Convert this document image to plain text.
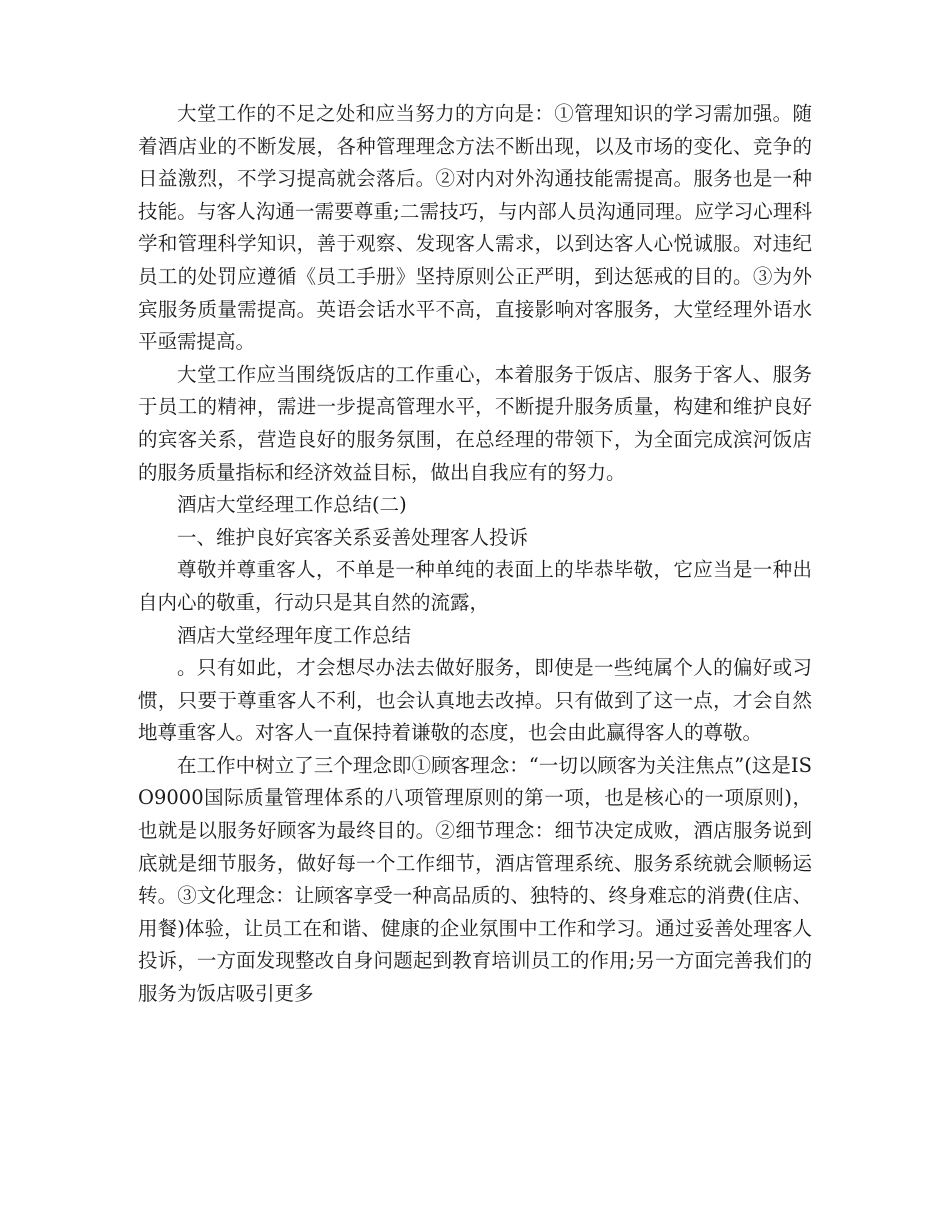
大堂工作的不足之处和应当努力的方向是：①管理知识的学习需加强。随着酒店业的不断发展，各种管理理念方法不断出现，以及市场的变化、竞争的日益激烈，不学习提高就会落后。②对内对外沟通技能需提高。服务也是一种技能。与客人沟通一需要尊重;二需技巧，与内部人员沟通同理。应学习心理科学和管理科学知识，善于观察、发现客人需求，以到达客人心悦诚服。对违纪员工的处罚应遵循《员工手册》坚持原则公正严明，到达惩戒的目的。③为外宾服务质量需提高。英语会话水平不高，直接影响对客服务，大堂经理外语水平亟需提高。

大堂工作应当围绕饭店的工作重心，本着服务于饭店、服务于客人、服务于员工的精神，需进一步提高管理水平，不断提升服务质量，构建和维护良好的宾客关系，营造良好的服务氛围，在总经理的带领下，为全面完成滨河饭店的服务质量指标和经济效益目标，做出自我应有的努力。

酒店大堂经理工作总结(二)

一、维护良好宾客关系妥善处理客人投诉

尊敬并尊重客人，不单是一种单纯的表面上的毕恭毕敬，它应当是一种出自内心的敬重，行动只是其自然的流露，

酒店大堂经理年度工作总结

。只有如此，才会想尽办法去做好服务，即使是一些纯属个人的偏好或习惯，只要于尊重客人不利，也会认真地去改掉。只有做到了这一点，才会自然地尊重客人。对客人一直保持着谦敬的态度，也会由此赢得客人的尊敬。

在工作中树立了三个理念即①顾客理念：“一切以顾客为关注焦点”(这是ISO9000国际质量管理体系的八项管理原则的第一项，也是核心的一项原则)，也就是以服务好顾客为最终目的。②细节理念：细节决定成败，酒店服务说到底就是细节服务，做好每一个工作细节，酒店管理系统、服务系统就会顺畅运转。③文化理念：让顾客享受一种高品质的、独特的、终身难忘的消费(住店、用餐)体验，让员工在和谐、健康的企业氛围中工作和学习。通过妥善处理客人投诉，一方面发现整改自身问题起到教育培训员工的作用;另一方面完善我们的服务为饭店吸引更多
